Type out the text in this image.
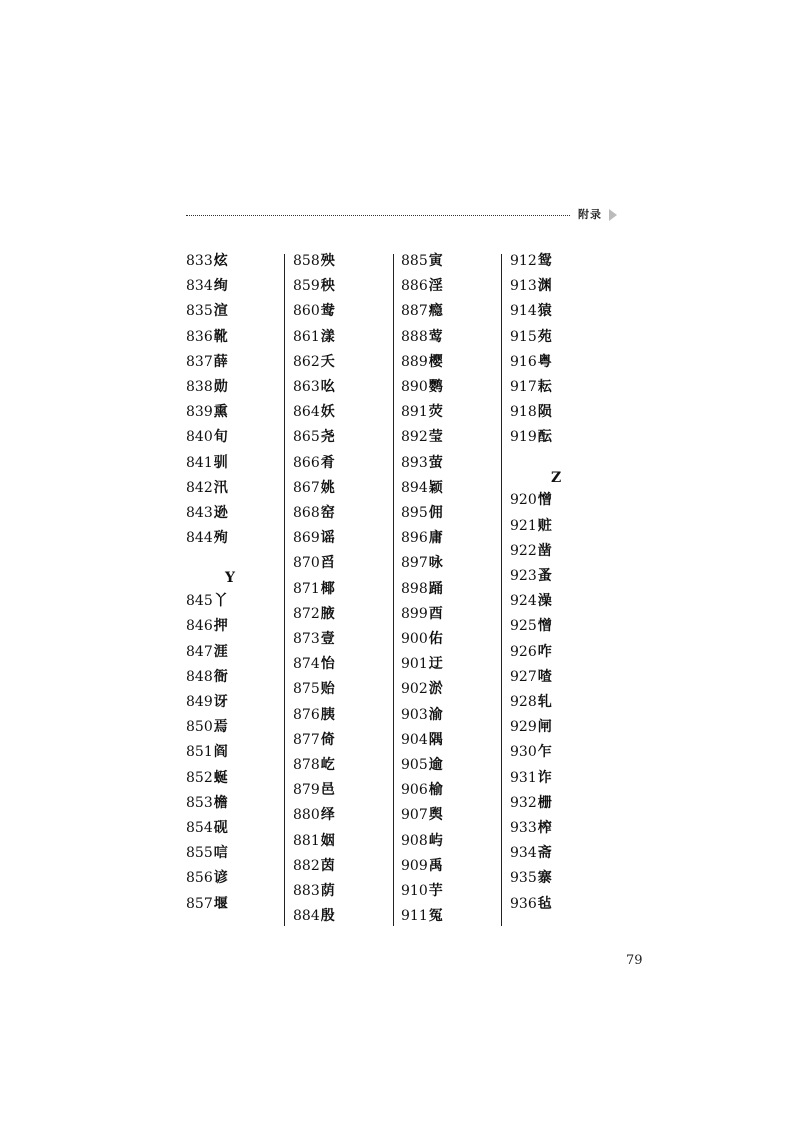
附录
833炫
834绚
835渲
836靴
837薛
838勋
839熏
840旬
841驯
842汛
843逊
844殉
Y
845丫
846押
847涯
848衙
849讶
850焉
851阎
852蜒
853檐
854砚
855唁
856谚
857堰
858殃
859秧
860鸯
861漾
862夭
863吆
864妖
865尧
866肴
867姚
868窑
869谣
870舀
871椰
872腋
873壹
874怡
875贻
876胰
877倚
878屹
879邑
880绎
881姻
882茵
883荫
884殷
885寅
886淫
887瘾
888莺
889樱
890鹦
891荧
892莹
893萤
894颖
895佣
896庸
897咏
898踊
899酉
900佑
901迂
902淤
903渝
904隅
905逾
906榆
907舆
908屿
909禹
910芋
911冤
912鸳
913渊
914猿
915苑
916粤
917耘
918陨
919酝
Z
920憎
921赃
922凿
923蚤
924澡
925憎
926咋
927喳
928轧
929闸
930乍
931诈
932栅
933榨
934斋
935寨
936毡
79
